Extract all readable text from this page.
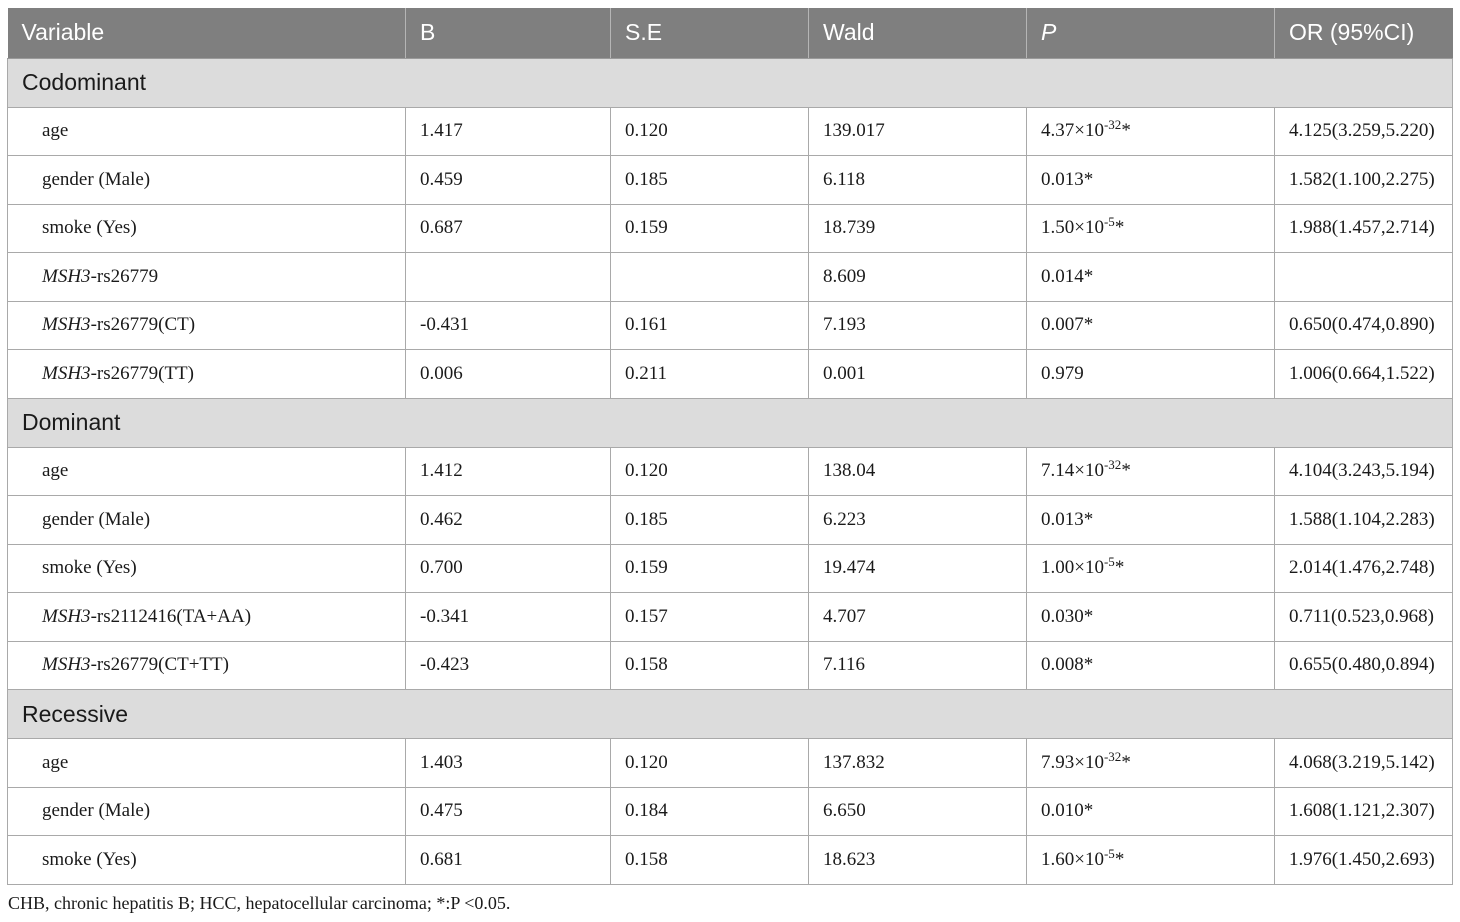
Variable	B	S.E	Wald	P	OR (95%CI)
Codominant					
age	1.417	0.120	139.017	$4.37\times 10^{-32}*$	4.125(3.259,5.220)
gender (Male)	0.459	0.185	6.118	0.013*	1.582(1.100,2.275)
smoke (Yes)	0.687	0.159	18.739	$1.50\times 10^{-5}*$	1.988(1.457,2.714)
MSH3-rs26779			8.609	0.014*	
MSH3-rs26779(CT)	-0.431	0.161	7.193	0.007*	0.650(0.474,0.890)
MSH3-rs26779(TT)	0.006	0.211	0.001	0.979	1.006(0.664,1.522)
Dominant					
age	1.412	0.120	138.04	$7.14\times 10^{-32}*$	4.104(3.243,5.194)
gender (Male)	0.462	0.185	6.223	0.013*	1.588(1.104,2.283)
smoke (Yes)	0.700	0.159	19.474	$1.00\times 10^{-5}*$	2.014(1.476,2.748)
MSH3-rs2112416(TA+AA)	-0.341	0.157	4.707	0.030*	0.711(0.523,0.968)
MSH3-rs26779(CT+TT)	-0.423	0.158	7.116	0.008*	0.655(0.480,0.894)
Recessive					
age	1.403	0.120	137.832	$7.93\times 10^{-32}*$	4.068(3.219,5.142)
gender (Male)	0.475	0.184	6.650	0.010*	1.608(1.121,2.307)
smoke (Yes)	0.681	0.158	18.623	$1.60\times 10^{-5}*$	1.976(1.450,2.693)
CHB, chronic hepatitis B; HCC, hepatocellular carcinoma; *:P <0.05.
